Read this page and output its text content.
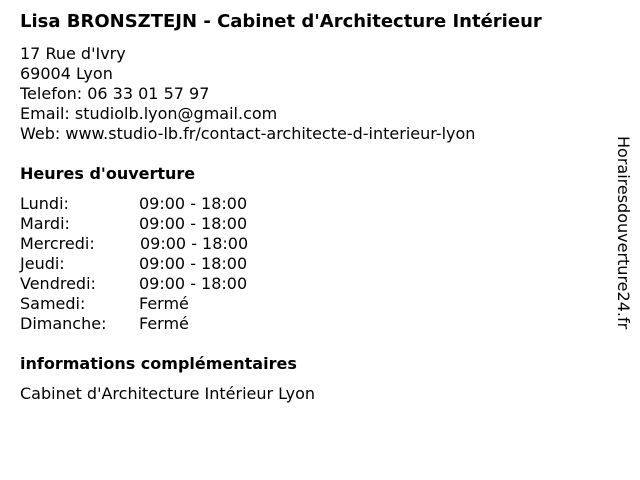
Lisa BRONSZTEJN - Cabinet d'Architecture Intérieur
17 Rue d'Ivry
69004 Lyon
Telefon: 06 33 01 57 97
Email: studiolb.lyon@gmail.com
Web: www.studio-lb.fr/contact-architecte-d-interieur-lyon
Heures d'ouverture
Lundi:	09:00 - 18:00
Mardi:	09:00 - 18:00
Mercredi:	09:00 - 18:00
Jeudi:	09:00 - 18:00
Vendredi:	09:00 - 18:00
Samedi:	Fermé
Dimanche: Fermé
informations complémentaires
Cabinet d'Architecture Intérieur Lyon
Horairesdouverture24.fr
